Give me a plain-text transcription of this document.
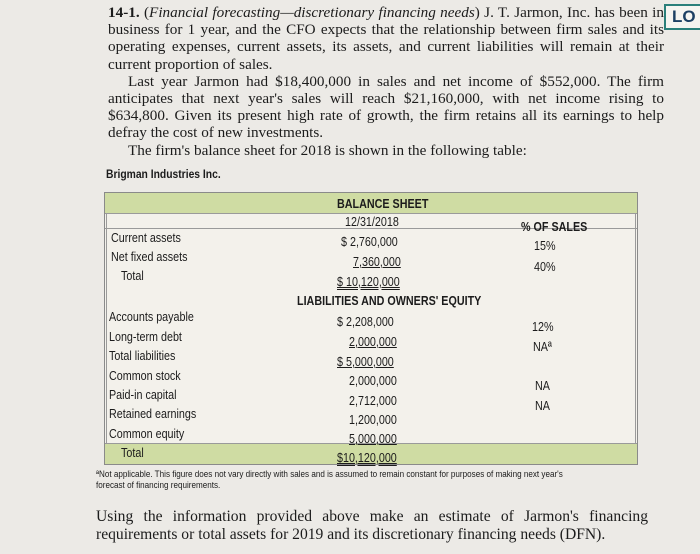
14-1. (Financial forecasting—discretionary financing needs) J. T. Jarmon, Inc. has been in business for 1 year, and the CFO expects that the relationship between firm sales and its operating expenses, current assets, its assets, and current liabilities will remain at their current proportion of sales.

Last year Jarmon had $18,400,000 in sales and net income of $552,000. The firm anticipates that next year's sales will reach $21,160,000, with net income rising to $634,800. Given its present high rate of growth, the firm retains all its earnings to help defray the cost of new investments.

The firm's balance sheet for 2018 is shown in the following table:

LO
Brigman Industries Inc.
BALANCE SHEET
12/31/2018	% OF SALES
Current assets	$ 2,760,000	15%
Net fixed assets	7,360,000	40%
Total	$ 10,120,000
LIABILITIES AND OWNERS' EQUITY
Accounts payable	$ 2,208,000	12%
Long-term debt	2,000,000	NAª
Total liabilities	$ 5,000,000
Common stock	2,000,000	NA
Paid-in capital	2,712,000	NA
Retained earnings	1,200,000
Common equity	5,000,000
Total	$10,120,000
ªNot applicable. This figure does not vary directly with sales and is assumed to remain constant for purposes of making next year's forecast of financing requirements.

Using the information provided above make an estimate of Jarmon's financing requirements or total assets for 2019 and its discretionary financing needs (DFN).
